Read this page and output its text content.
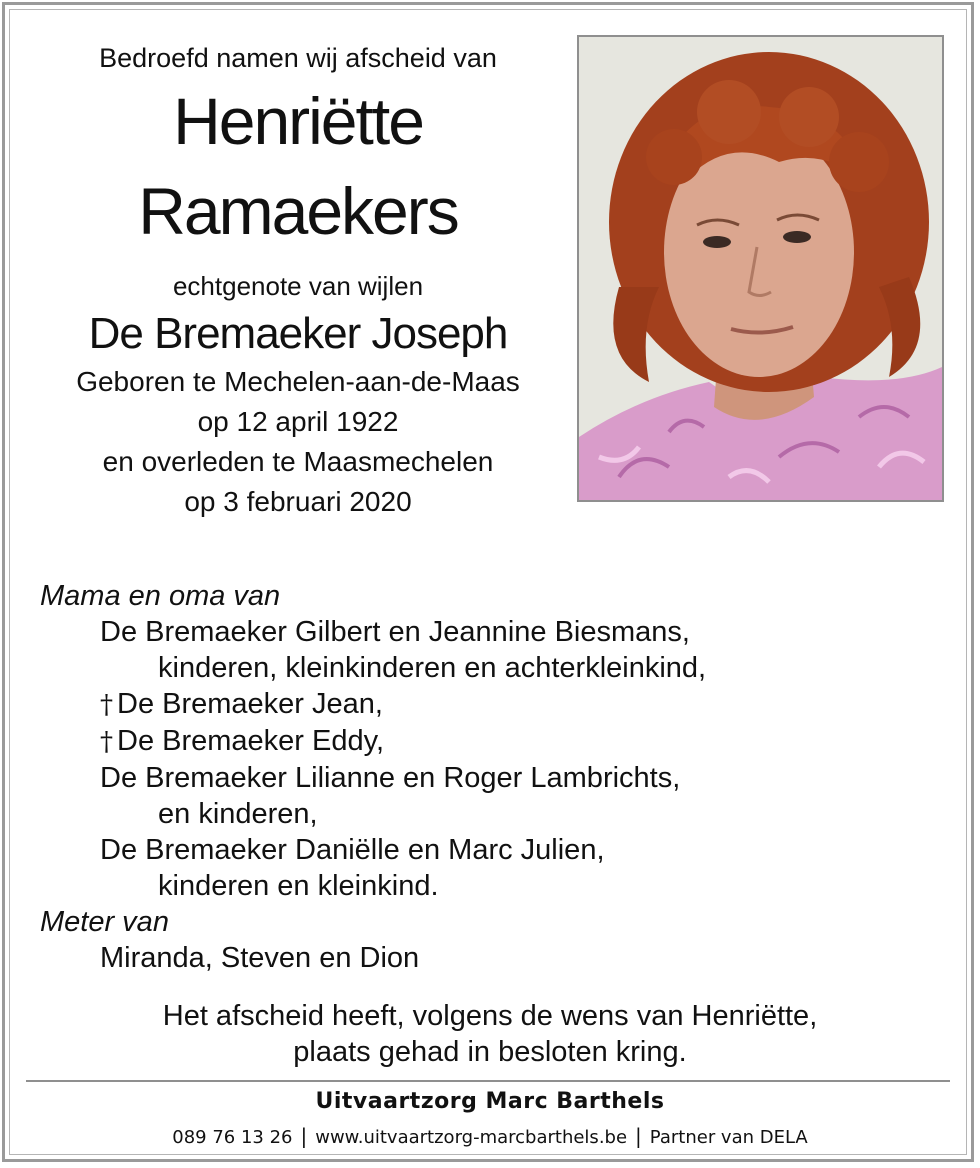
Bedroefd namen wij afscheid van
Henriëtte
Ramaekers
echtgenote van wijlen
De Bremaeker Joseph
Geboren te Mechelen-aan-de-Maas
op 12 april 1922
en overleden te Maasmechelen
op 3 februari 2020
Mama en oma van
De Bremaeker Gilbert en Jeannine Biesmans,
kinderen, kleinkinderen en achterkleinkind,
† De Bremaeker Jean,
† De Bremaeker Eddy,
De Bremaeker Lilianne en Roger Lambrichts,
en kinderen,
De Bremaeker Daniëlle en Marc Julien,
kinderen en kleinkind.
Meter van
Miranda, Steven en Dion
Het afscheid heeft, volgens de wens van Henriëtte,
plaats gehad in besloten kring.
Uitvaartzorg Marc Barthels
089 76 13 26 | www.uitvaartzorg-marcbarthels.be | Partner van DELA
